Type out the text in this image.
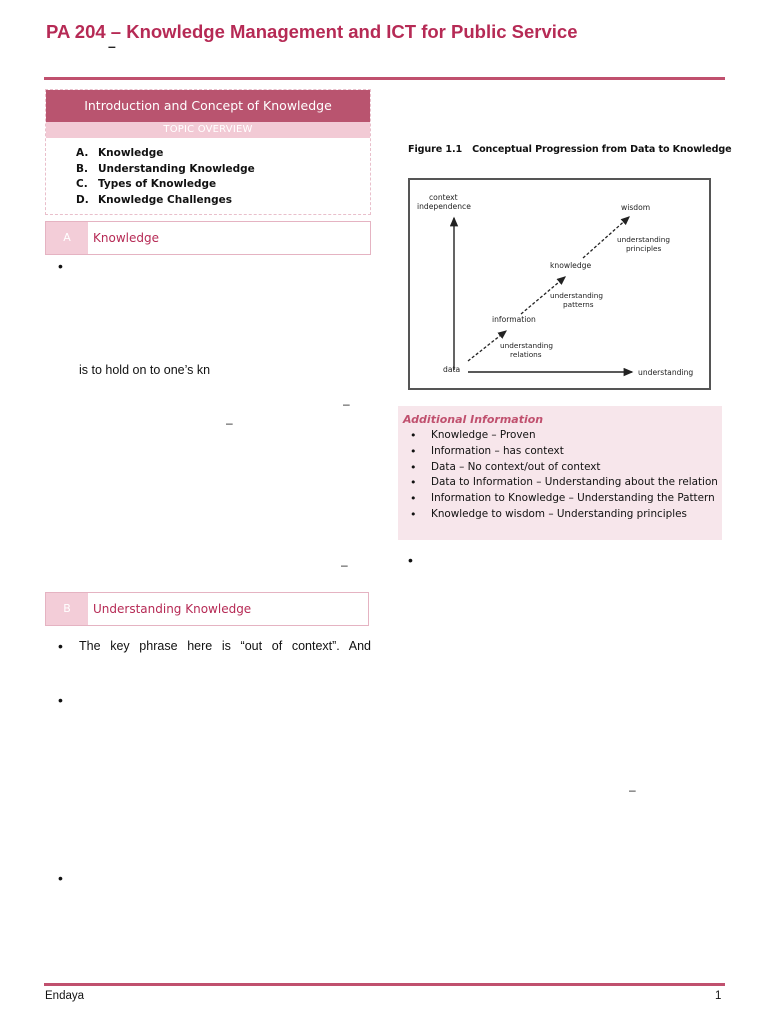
PA 204 – Knowledge Management and ICT for Public Service
–
Introduction and Concept of Knowledge
TOPIC OVERVIEW
A. Knowledge
B. Understanding Knowledge
C. Types of Knowledge
D. Knowledge Challenges
A	Knowledge
•
is to hold on to one’s kn
–
–
–
B	Understanding Knowledge
• The key phrase here is “out of context”. And
•
•
Figure 1.1 Conceptual Progression from Data to Knowledge
context
independence
understanding
data
information
knowledge
wisdom
understanding
relations
understanding
patterns
understanding
principles
Additional Information
• Knowledge – Proven
• Information – has context
• Data – No context/out of context
• Data to Information – Understanding about the relation
• Information to Knowledge – Understanding the Pattern
• Knowledge to wisdom – Understanding principles
•
–
Endaya	1
